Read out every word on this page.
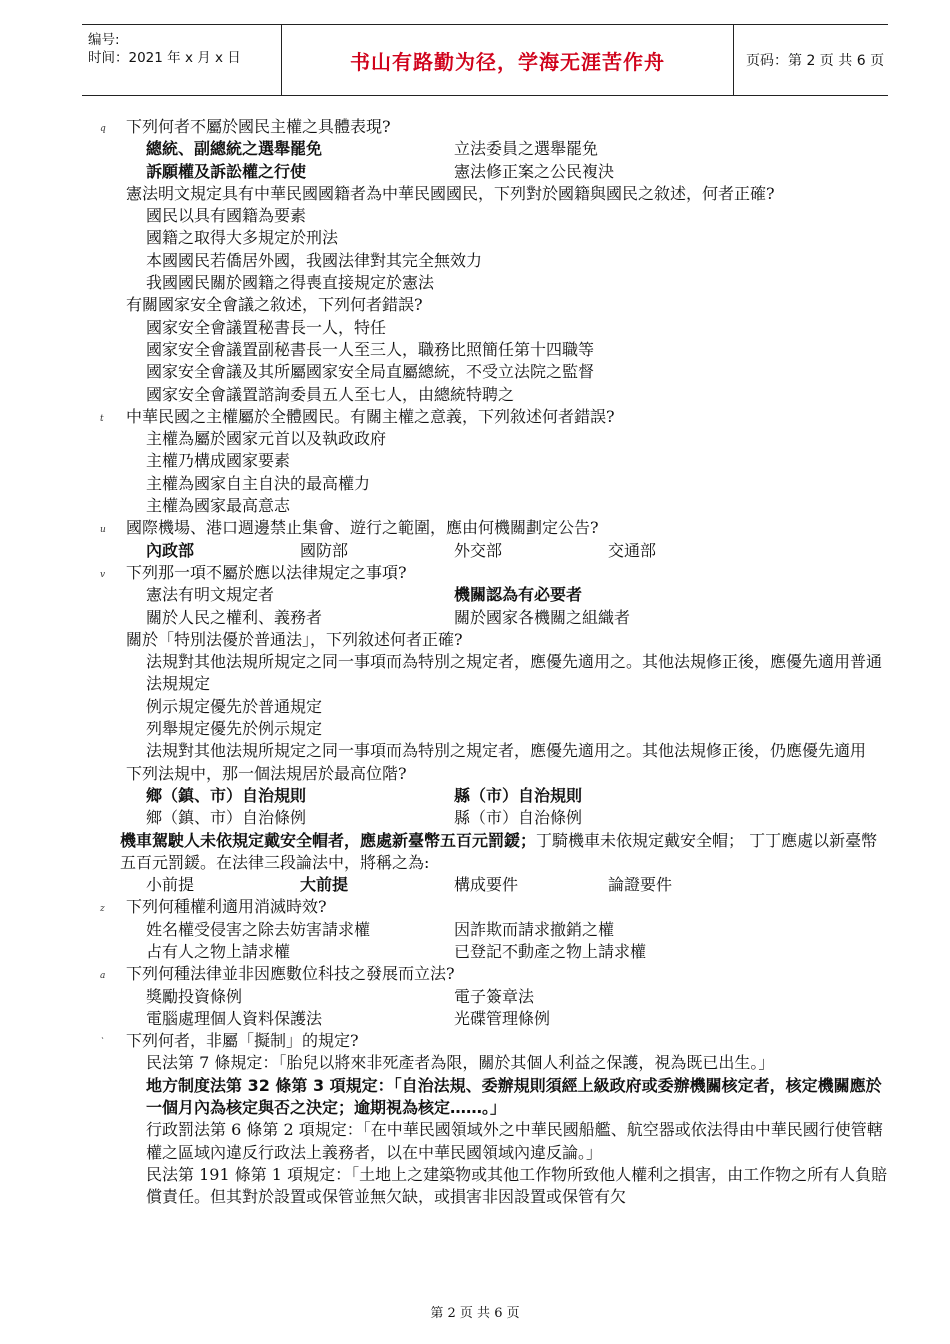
编号:
时间：2021 年 x 月 x 日	书山有路勤为径，学海无涯苦作舟	页码：第 2 页 共 6 页
q 下列何者不屬於國民主權之具體表現?
總統、副總統之選舉罷免	立法委員之選舉罷免
訴願權及訴訟權之行使	憲法修正案之公民複決
憲法明文規定具有中華民國國籍者為中華民國國民，下列對於國籍與國民之敘述，何者正確?
國民以具有國籍為要素
國籍之取得大多規定於刑法
本國國民若僑居外國，我國法律對其完全無效力
我國國民關於國籍之得喪直接規定於憲法
有關國家安全會議之敘述，下列何者錯誤?
國家安全會議置秘書長一人，特任
國家安全會議置副秘書長一人至三人，職務比照簡任第十四職等
國家安全會議及其所屬國家安全局直屬總統，不受立法院之監督
國家安全會議置諮詢委員五人至七人，由總統特聘之
t 中華民國之主權屬於全體國民。有關主權之意義，下列敘述何者錯誤?
主權為屬於國家元首以及執政政府
主權乃構成國家要素
主權為國家自主自決的最高權力
主權為國家最高意志
u 國際機場、港口週邊禁止集會、遊行之範圍，應由何機關劃定公告?
內政部	國防部	外交部	交通部
v 下列那一項不屬於應以法律規定之事項?
憲法有明文規定者	機關認為有必要者
關於人民之權利、義務者	關於國家各機關之組織者
關於「特別法優於普通法」，下列敘述何者正確?
法規對其他法規所規定之同一事項而為特別之規定者，應優先適用之。其他法規修正後，應優先適用普通法規規定
例示規定優先於普通規定
列舉規定優先於例示規定
法規對其他法規所規定之同一事項而為特別之規定者，應優先適用之。其他法規修正後，仍應優先適用
下列法規中，那一個法規居於最高位階?
鄉（鎮、市）自治規則	縣（市）自治規則
鄉（鎮、市）自治條例	縣（市）自治條例
機車駕駛人未依規定戴安全帽者，應處新臺幣五百元罰鍰；丁騎機車未依規定戴安全帽； 丁丁應處以新臺幣五百元罰鍰。在法律三段論法中，將稱之為:
小前提	大前提	構成要件	論證要件
z 下列何種權利適用消滅時效?
姓名權受侵害之除去妨害請求權	因詐欺而請求撤銷之權
占有人之物上請求權	已登記不動產之物上請求權
a 下列何種法律並非因應數位科技之發展而立法?
獎勵投資條例	電子簽章法
電腦處理個人資料保護法	光碟管理條例
` 下列何者，非屬「擬制」的規定?
民法第 7 條規定：「胎兒以將來非死產者為限，關於其個人利益之保護，視為既已出生。」
地方制度法第 32 條第 3 項規定：「自治法規、委辦規則須經上級政府或委辦機關核定者，核定機關應於一個月內為核定與否之決定；逾期視為核定……。」
行政罰法第 6 條第 2 項規定：「在中華民國領域外之中華民國船艦、航空器或依法得由中華民國行使管轄權之區域內違反行政法上義務者，以在中華民國領域內違反論。」
民法第 191 條第 1 項規定：「土地上之建築物或其他工作物所致他人權利之損害，由工作物之所有人負賠償責任。但其對於設置或保管並無欠缺，或損害非因設置或保管有欠
第 2 页 共 6 页
